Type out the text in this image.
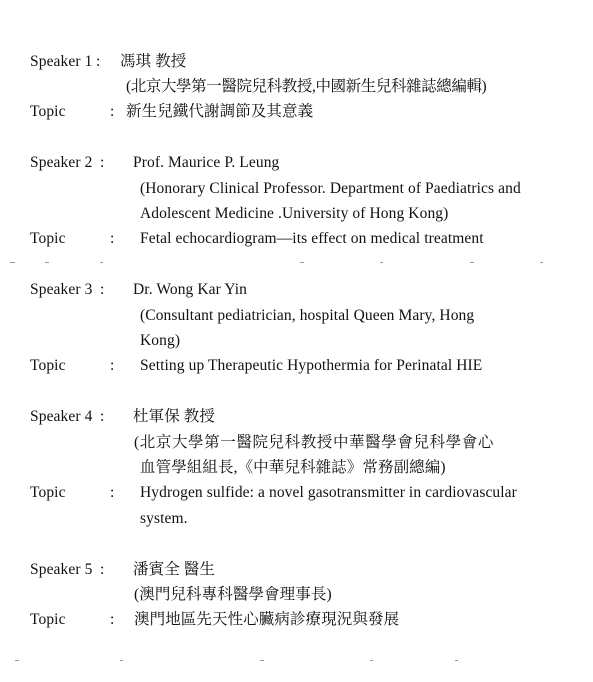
Speaker 1 : 馮琪 教授
(北京大學第一醫院兒科教授,中國新生兒科雜誌總編輯)
Topic	: 新生兒鐵代謝調節及其意義
Speaker 2 : Prof. Maurice P. Leung
(Honorary Clinical Professor. Department of Paediatrics and
Adolescent Medicine .University of Hong Kong)
Topic	: Fetal echocardiogram—its effect on medical treatment
Speaker 3 : Dr. Wong Kar Yin
(Consultant pediatrician, hospital Queen Mary, Hong
Kong)
Topic	: Setting up Therapeutic Hypothermia for Perinatal HIE
Speaker 4 : 杜軍保 教授
(北京大學第一醫院兒科教授中華醫學會兒科學會心
血管學組組長,《中華兒科雜誌》常務副總編)
Topic	: Hydrogen sulfide: a novel gasotransmitter in cardiovascular
system.
Speaker 5 : 潘賓全 醫生
(澳門兒科專科醫學會理事長)
Topic	: 澳門地區先天性心臟病診療現況與發展
